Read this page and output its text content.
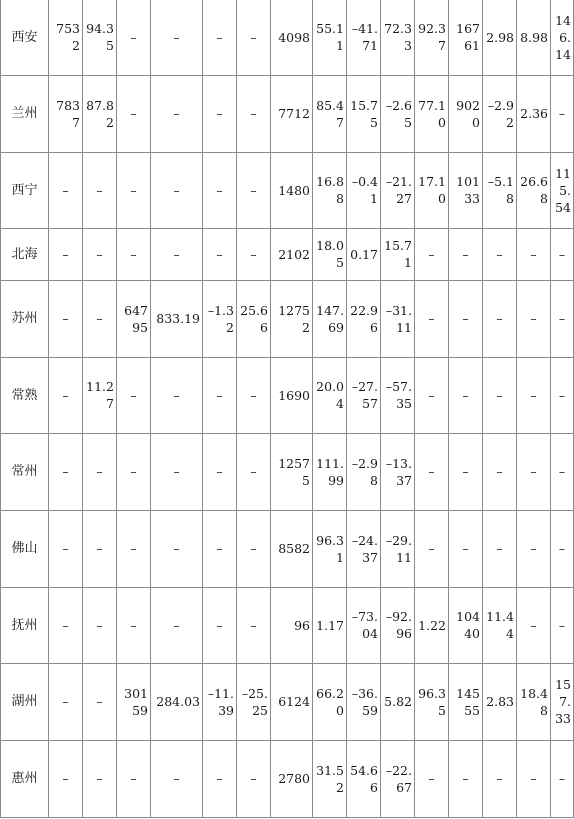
西安	7532	94.35	–	–	–	–	4098	55.11	–41.71	72.33	92.37	16761	2.98	8.98	146.14
兰州	7837	87.82	–	–	–	–	7712	85.47	15.75	–2.65	77.10	9020	–2.92	2.36	–
西宁	–	–	–	–	–	–	1480	16.88	–0.41	–21.27	17.10	10133	–5.18	26.68	115.54
北海	–	–	–	–	–	–	2102	18.05	0.17	15.71	–	–	–	–	–
苏州	–	–	64795	833.19	–1.32	25.66	12752	147.69	22.96	–31.11	–	–	–	–	–
常熟	–	11.27	–	–	–	–	1690	20.04	–27.57	–57.35	–	–	–	–	–
常州	–	–	–	–	–	–	12575	111.99	–2.98	–13.37	–	–	–	–	–
佛山	–	–	–	–	–	–	8582	96.31	–24.37	–29.11	–	–	–	–	–
抚州	–	–	–	–	–	–	96	1.17	–73.04	–92.96	1.22	10440	11.44	–	–
湖州	–	–	30159	284.03	–11.39	–25.25	6124	66.20	–36.59	5.82	96.35	14555	2.83	18.48	157.33
惠州	–	–	–	–	–	–	2780	31.52	54.66	–22.67	–	–	–	–	–
